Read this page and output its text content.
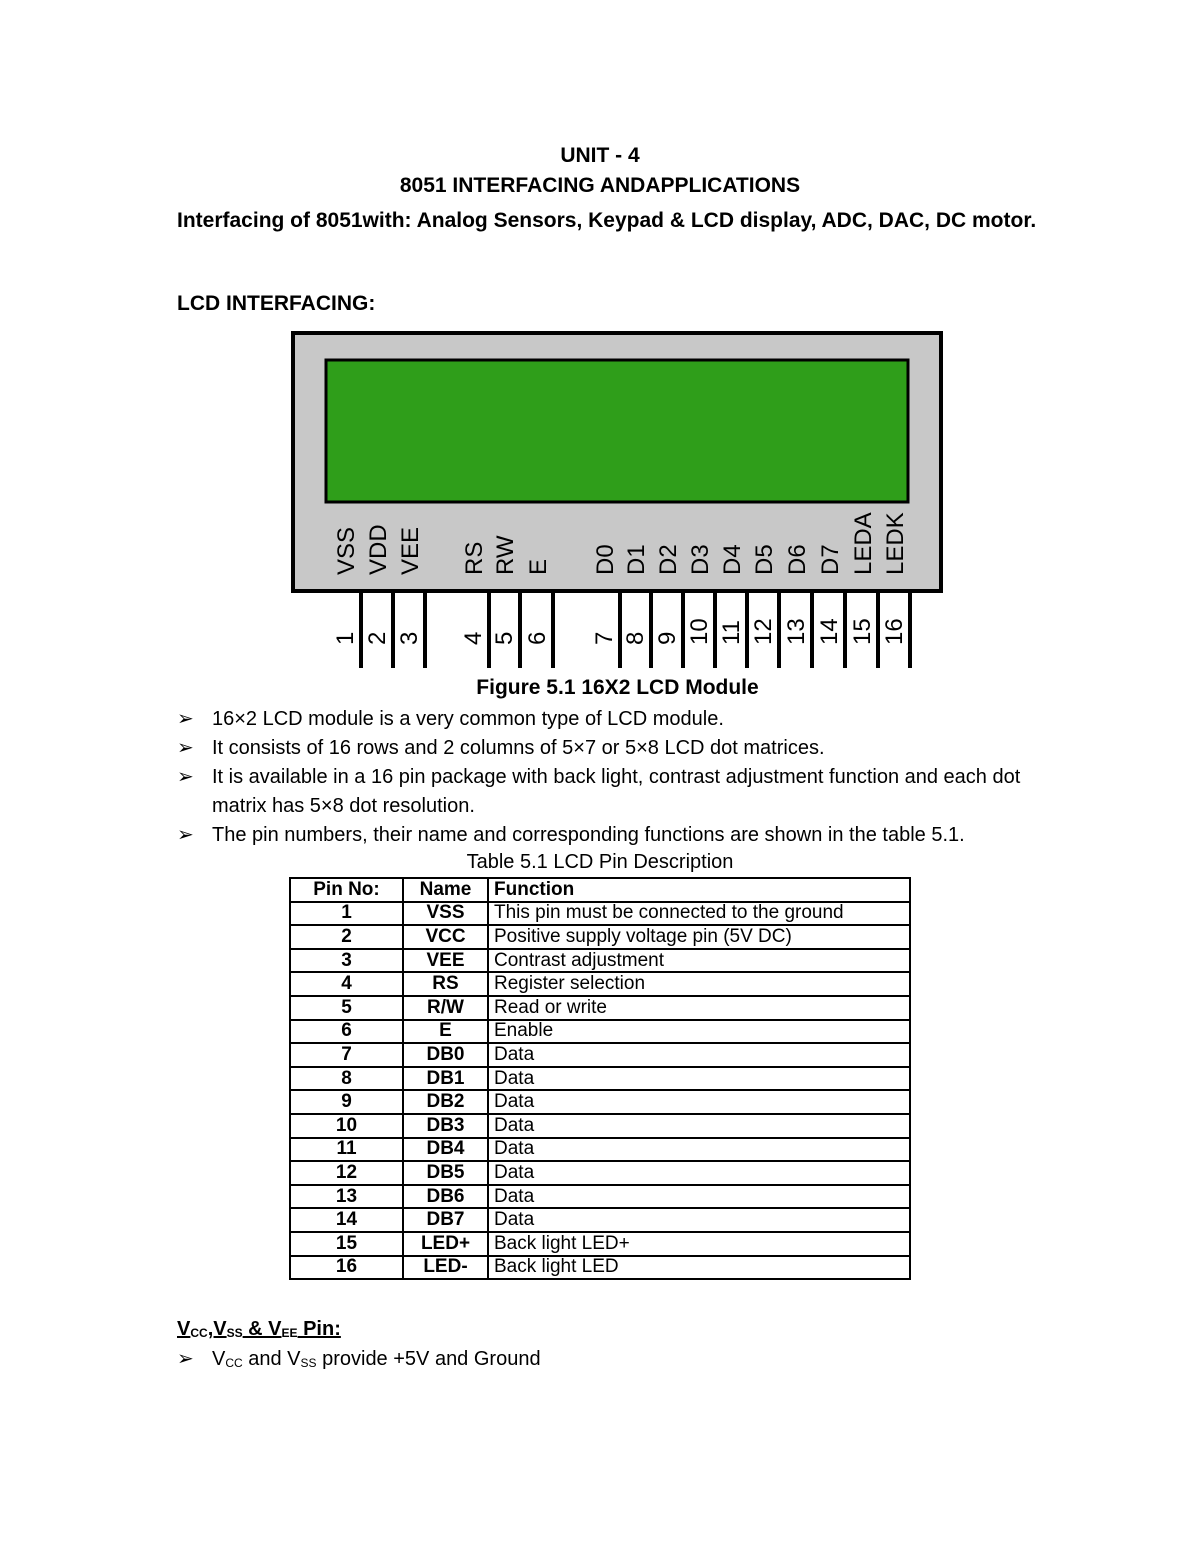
UNIT - 4
8051 INTERFACING ANDAPPLICATIONS
Interfacing of 8051with: Analog Sensors, Keypad & LCD display, ADC, DAC, DC motor.
LCD INTERFACING:
VSS VDD VEE RS RW E D0 D1 D2 D3 D4 D5 D6 D7 LEDA LEDK
1 2 3 4 5 6 7 8 9 10 11 12 13 14 15 16
Figure 5.1 16X2 LCD Module
➢ 16×2 LCD module is a very common type of LCD module.
➢ It consists of 16 rows and 2 columns of 5×7 or 5×8 LCD dot matrices.
➢ It is available in a 16 pin package with back light, contrast adjustment function and each dot matrix has 5×8 dot resolution.
➢ The pin numbers, their name and corresponding functions are shown in the table 5.1.
Table 5.1 LCD Pin Description
Pin No:	Name	Function
1	VSS	This pin must be connected to the ground
2	VCC	Positive supply voltage pin (5V DC)
3	VEE	Contrast adjustment
4	RS	Register selection
5	R/W	Read or write
6	E	Enable
7	DB0	Data
8	DB1	Data
9	DB2	Data
10	DB3	Data
11	DB4	Data
12	DB5	Data
13	DB6	Data
14	DB7	Data
15	LED+	Back light LED+
16	LED-	Back light LED
$V_{CC},V_{SS}$ & $V_{EE}$ Pin:
➢ $V_{CC}$ and $V_{SS}$ provide +5V and Ground
